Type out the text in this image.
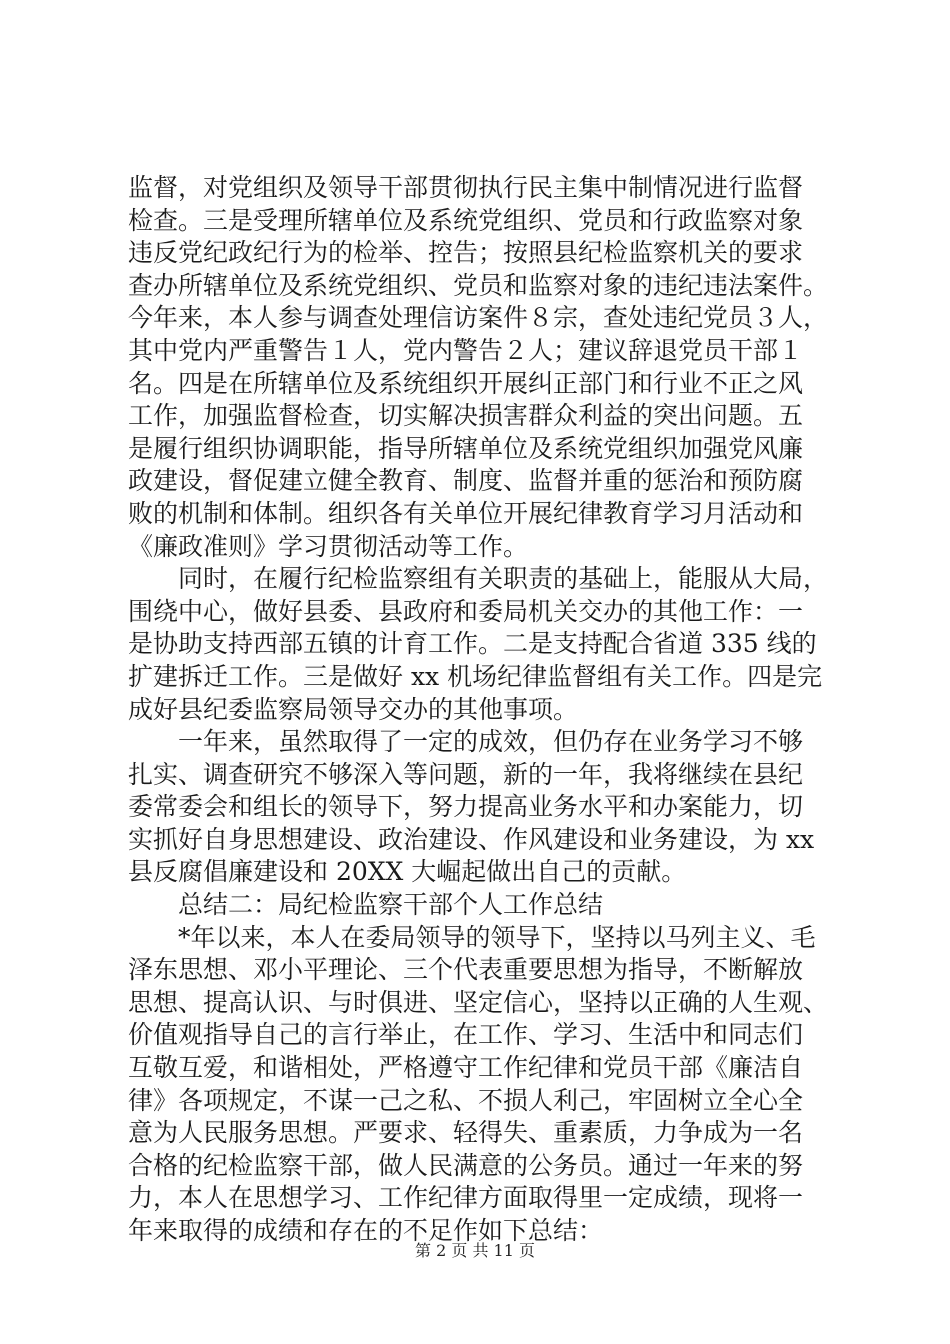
监督，对党组织及领导干部贯彻执行民主集中制情况进行监督
检查。三是受理所辖单位及系统党组织、党员和行政监察对象
违反党纪政纪行为的检举、控告；按照县纪检监察机关的要求
查办所辖单位及系统党组织、党员和监察对象的违纪违法案件。
今年来，本人参与调查处理信访案件８宗，查处违纪党员３人，
其中党内严重警告１人，党内警告２人；建议辞退党员干部１
名。四是在所辖单位及系统组织开展纠正部门和行业不正之风
工作，加强监督检查，切实解决损害群众利益的突出问题。五
是履行组织协调职能，指导所辖单位及系统党组织加强党风廉
政建设，督促建立健全教育、制度、监督并重的惩治和预防腐
败的机制和体制。组织各有关单位开展纪律教育学习月活动和
《廉政准则》学习贯彻活动等工作。
　　同时，在履行纪检监察组有关职责的基础上，能服从大局，
围绕中心，做好县委、县政府和委局机关交办的其他工作：一
是协助支持西部五镇的计育工作。二是支持配合省道 335 线的
扩建拆迁工作。三是做好 xx 机场纪律监督组有关工作。四是完
成好县纪委监察局领导交办的其他事项。
　　一年来，虽然取得了一定的成效，但仍存在业务学习不够
扎实、调查研究不够深入等问题，新的一年，我将继续在县纪
委常委会和组长的领导下，努力提高业务水平和办案能力，切
实抓好自身思想建设、政治建设、作风建设和业务建设，为 xx
县反腐倡廉建设和 20XX 大崛起做出自己的贡献。
　　总结二：局纪检监察干部个人工作总结
　　*年以来，本人在委局领导的领导下，坚持以马列主义、毛
泽东思想、邓小平理论、三个代表重要思想为指导，不断解放
思想、提高认识、与时俱进、坚定信心，坚持以正确的人生观、
价值观指导自己的言行举止，在工作、学习、生活中和同志们
互敬互爱，和谐相处，严格遵守工作纪律和党员干部《廉洁自
律》各项规定，不谋一己之私、不损人利己，牢固树立全心全
意为人民服务思想。严要求、轻得失、重素质，力争成为一名
合格的纪检监察干部，做人民满意的公务员。通过一年来的努
力，本人在思想学习、工作纪律方面取得里一定成绩，现将一
年来取得的成绩和存在的不足作如下总结：
第 2 页 共 11 页
